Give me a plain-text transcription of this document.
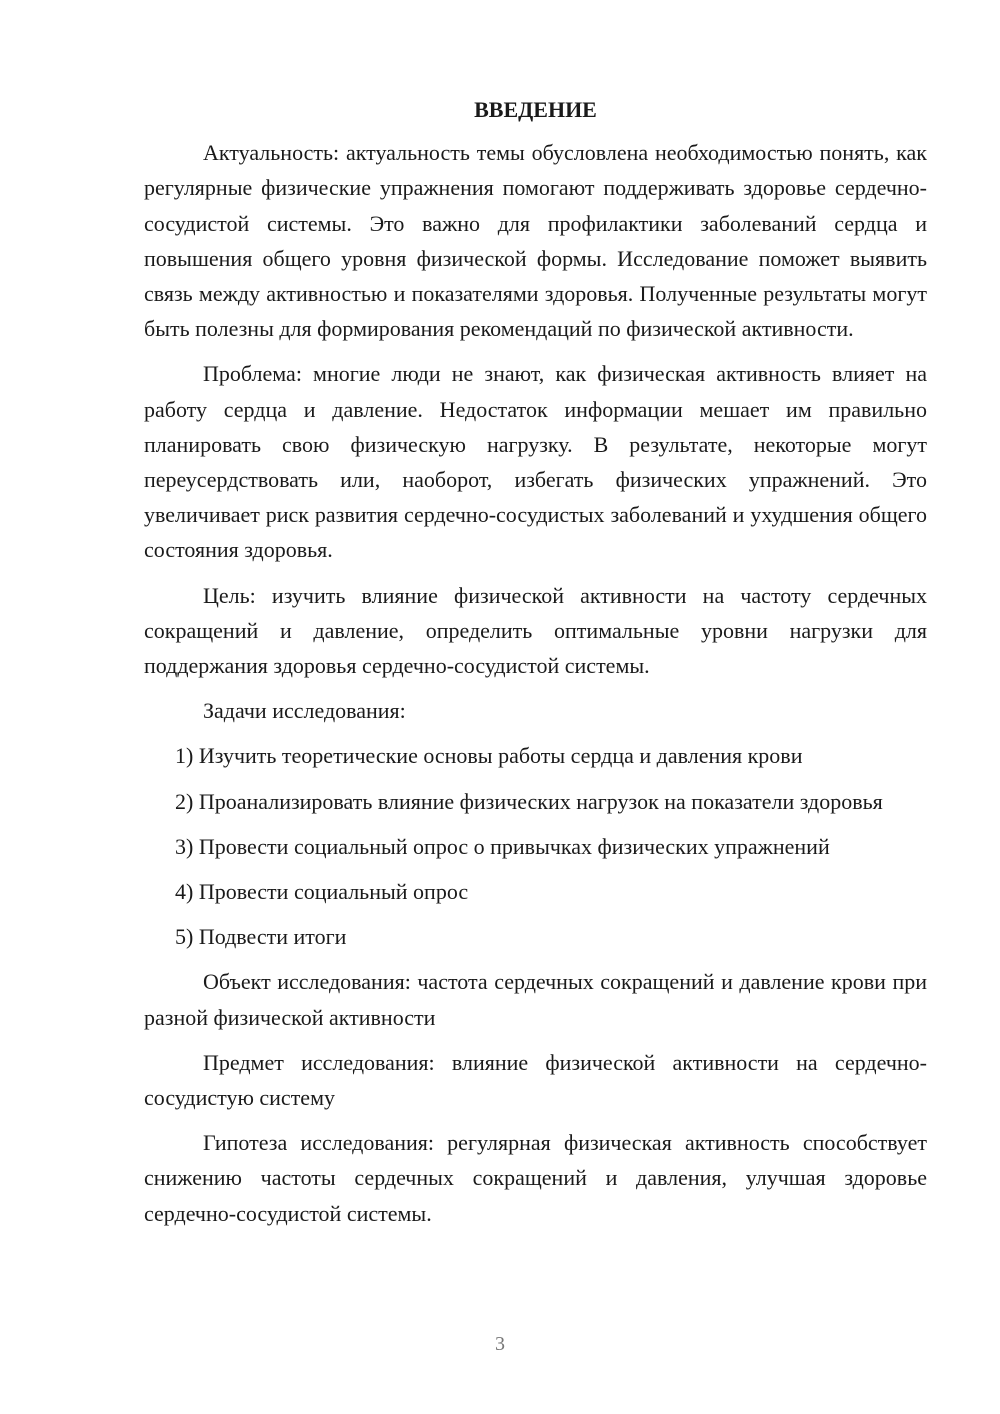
ВВЕДЕНИЕ

Актуальность: актуальность темы обусловлена необходимостью понять, как регулярные физические упражнения помогают поддерживать здоровье сердечно-сосудистой системы. Это важно для профилактики заболеваний сердца и повышения общего уровня физической формы. Исследование поможет выявить связь между активностью и показателями здоровья. Полученные результаты могут быть полезны для формирования рекомендаций по физической активности.

Проблема: многие люди не знают, как физическая активность влияет на работу сердца и давление. Недостаток информации мешает им правильно планировать свою физическую нагрузку. В результате, некоторые могут переусердствовать или, наоборот, избегать физических упражнений. Это увеличивает риск развития сердечно-сосудистых заболеваний и ухудшения общего состояния здоровья.

Цель: изучить влияние физической активности на частоту сердечных сокращений и давление, определить оптимальные уровни нагрузки для поддержания здоровья сердечно-сосудистой системы.

Задачи исследования:

1) Изучить теоретические основы работы сердца и давления крови

2) Проанализировать влияние физических нагрузок на показатели здоровья

3) Провести социальный опрос о привычках физических упражнений

4) Провести социальный опрос

5) Подвести итоги

Объект исследования: частота сердечных сокращений и давление крови при разной физической активности

Предмет исследования: влияние физической активности на сердечно-сосудистую систему

Гипотеза исследования: регулярная физическая активность способствует снижению частоты сердечных сокращений и давления, улучшая здоровье сердечно-сосудистой системы.

3
